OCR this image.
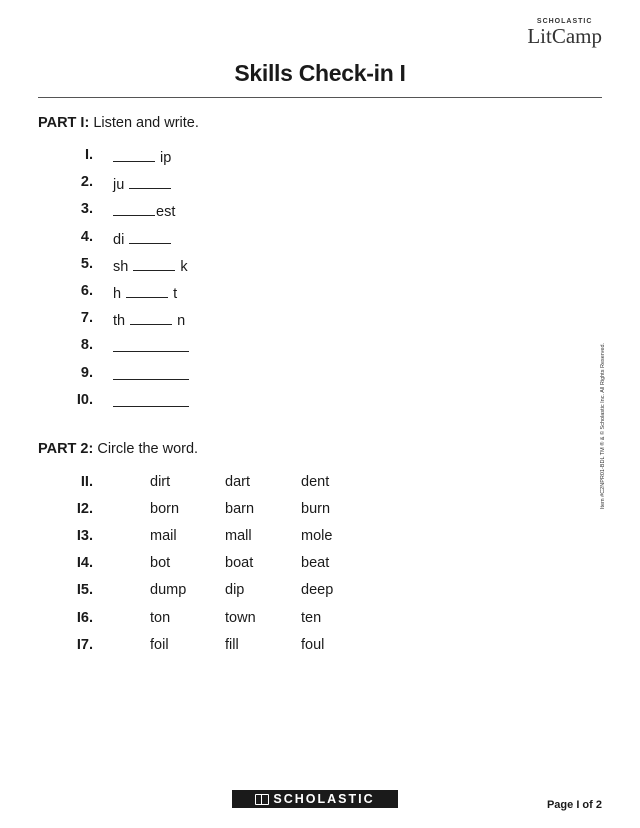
SCHOLASTIC
LitCamp
Skills Check-in I
PART I: Listen and write.
I.	ip
2. ju
3.	est
4. di
5. sh	k
6. h	t
7. th	n
8.
9.
I0.
PART 2: Circle the word.
II.	dirt	dart	dent
I2.	born	barn	burn
I3.	mail	mall	mole
I4.	bot	boat	beat
I5.	dump	dip	deep
I6.	ton	town	ten
I7.	foil	fill	foul
Item #C2NPR01-BDL TM ® & © Scholastic Inc. All Rights Reserved.
SCHOLASTIC	Page I of 2
